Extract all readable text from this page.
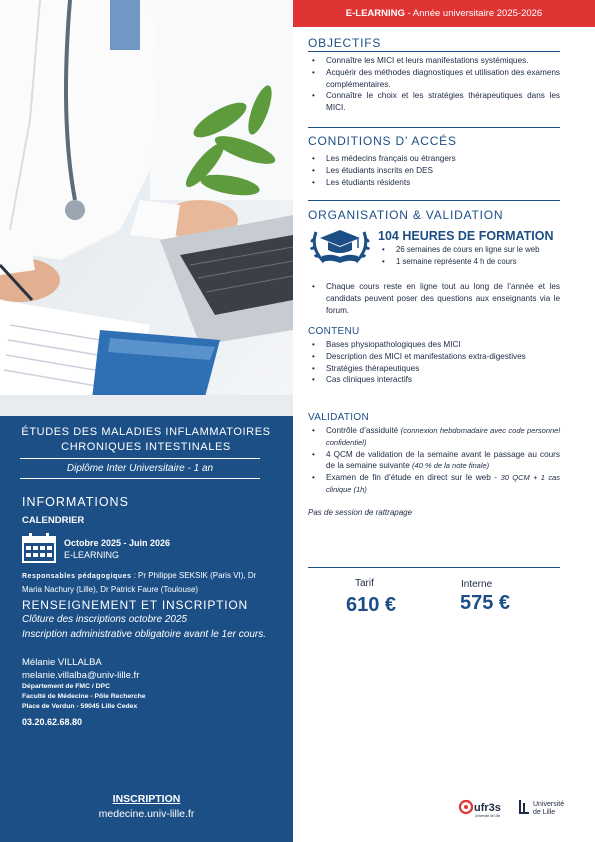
ÉTUDES DES MALADIES INFLAMMATOIRES
CHRONIQUES INTESTINALES
Diplôme Inter Universitaire - 1 an
INFORMATIONS
CALENDRIER
Octobre 2025 - Juin 2026
E-LEARNING
Responsables pédagogiques : Pr Philippe SEKSIK (Paris VI), Dr Maria Nachury (Lille), Dr Patrick Faure (Toulouse)
RENSEIGNEMENT ET INSCRIPTION
Clôture des inscriptions octobre 2025
Inscription administrative obligatoire avant le 1er cours.
Mélanie VILLALBA
melanie.villalba@univ-lille.fr
Département de FMC / DPC
Faculté de Médecine - Pôle Recherche
Place de Verdun - 59045 Lille Cedex
03.20.62.68.80
INSCRIPTION
medecine.univ-lille.fr
E-LEARNING - Année universitaire 2025-2026
OBJECTIFS
• Connaître les MICI et leurs manifestations systémiques.
• Acquérir des méthodes diagnostiques et utilisation des examens complémentaires.
• Connaître le choix et les stratégies thérapeutiques dans les MICI.
CONDITIONS D’ ACCÉS
• Les médecins français ou étrangers
• Les étudiants inscrits en DES
• Les étudiants résidents
ORGANISATION & VALIDATION
104 HEURES DE FORMATION
• 26 semaines de cours en ligne sur le web
• 1 semaine représente 4 h de cours
• Chaque cours reste en ligne tout au long de l’année et les candidats peuvent poser des questions aux enseignants via le forum.
CONTENU
• Bases physiopathologiques des MICI
• Description des MICI et manifestations extra-digestives
• Stratégies thérapeutiques
• Cas cliniques interactifs
VALIDATION
• Contrôle d’assiduité (connexion hebdomadaire avec code personnel confidentiel)
• 4 QCM de validation de la semaine avant le passage au cours de la semaine suivante (40 % de la note finale)
• Examen de fin d’étude en direct sur le web - 30 QCM + 1 cas clinique (1h)
Pas de session de rattrapage
Tarif
610 €
Interne
575 €
ufr3s
Université de Lille
Université
de Lille
